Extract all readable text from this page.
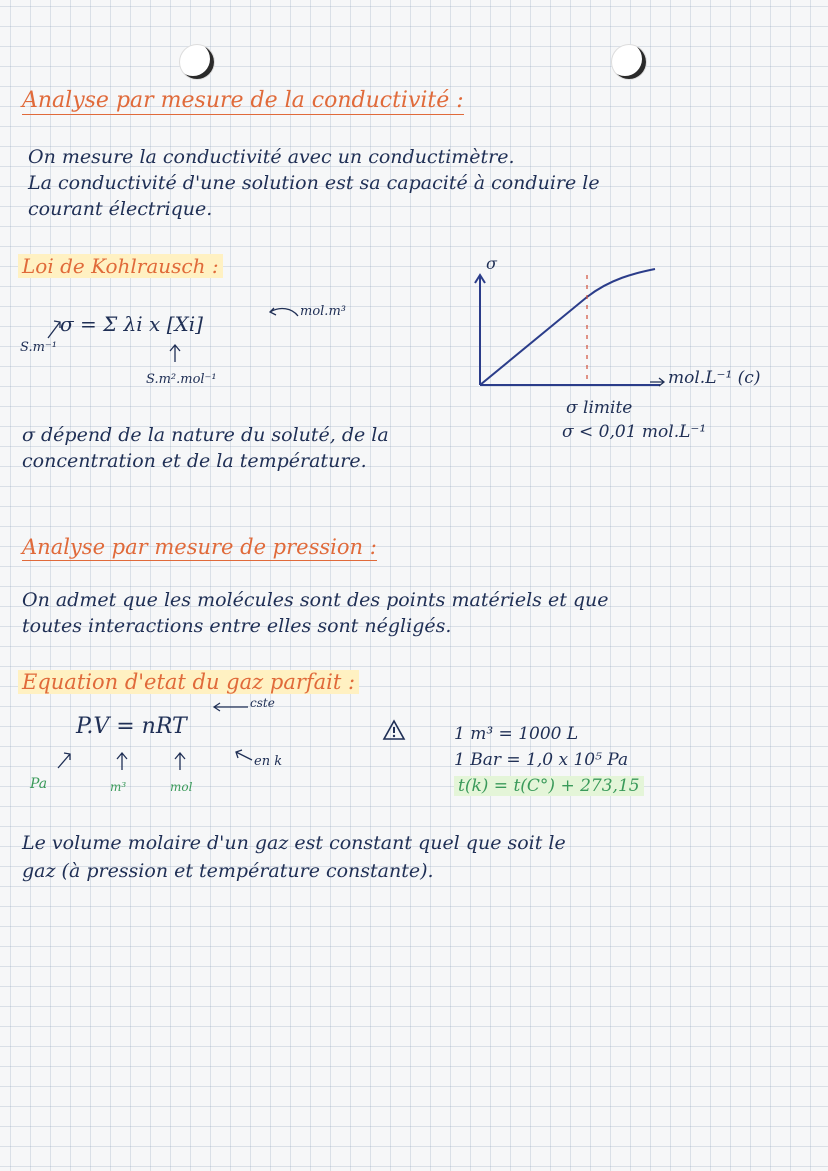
Analyse par mesure de la conductivité :
On mesure la conductivité avec un conductimètre.
La conductivité d'une solution est sa capacité à conduire le
courant électrique.
Loi de Kohlrausch :
σ = Σ λi x [Xi]
mol.m³
S.m⁻¹
S.m².mol⁻¹
σ dépend de la nature du soluté, de la
concentration et de la température.
σ
mol.L⁻¹ (c)
σ limite
σ < 0,01 mol.L⁻¹
Analyse par mesure de pression :
On admet que les molécules sont des points matériels et que
toutes interactions entre elles sont négligés.
Equation d'etat du gaz parfait :
cste
P.V = nRT
en k
Pa	m³	mol
1 m³ = 1000 L
1 Bar = 1,0 x 10⁵ Pa
t(k) = t(C°) + 273,15
Le volume molaire d'un gaz est constant quel que soit le
gaz (à pression et température constante).
